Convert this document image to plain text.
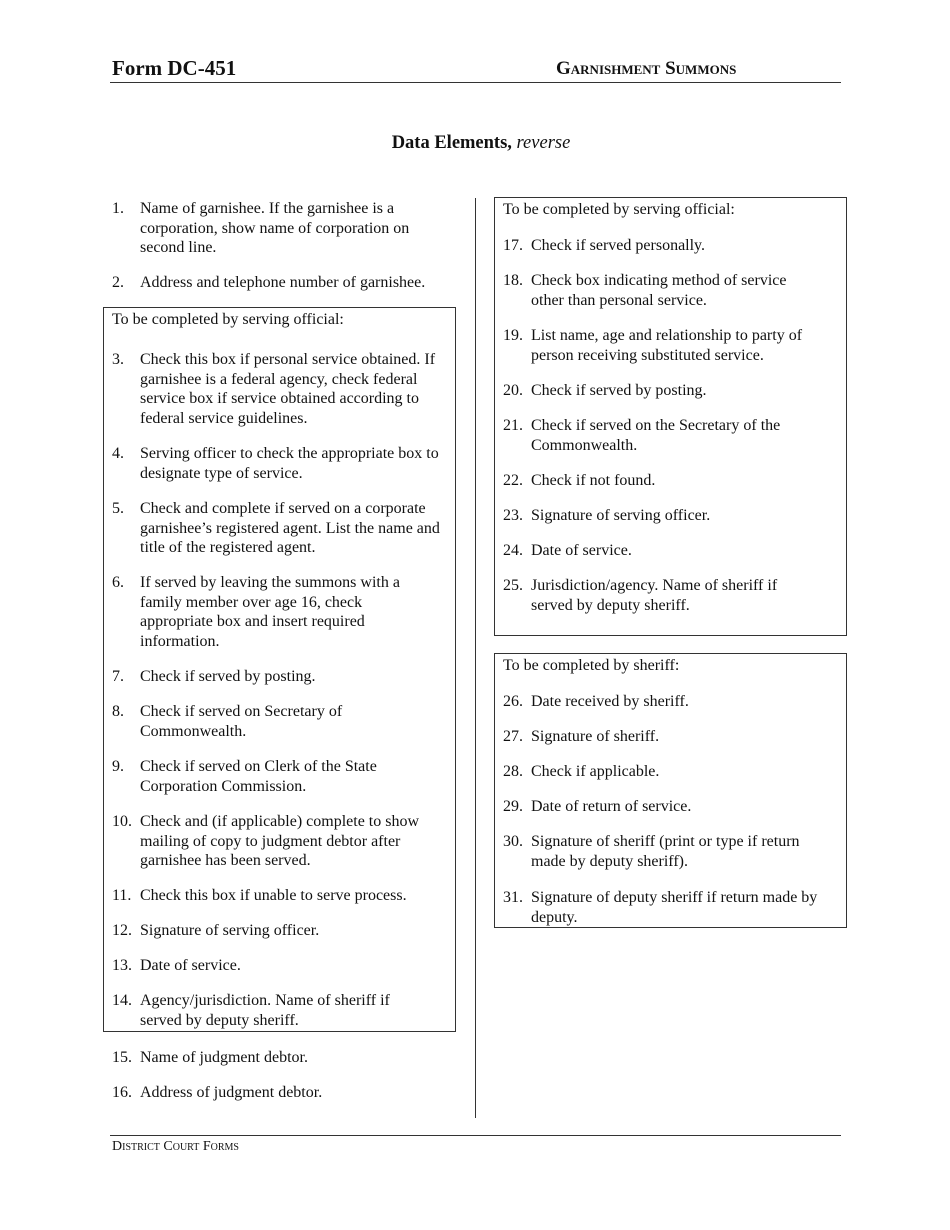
Form DC-451	Garnishment Summons
Data Elements, reverse
1. Name of garnishee. If the garnishee is a corporation, show name of corporation on second line.
2. Address and telephone number of garnishee.
To be completed by serving official:
3. Check this box if personal service obtained. If garnishee is a federal agency, check federal service box if service obtained according to federal service guidelines.
4. Serving officer to check the appropriate box to designate type of service.
5. Check and complete if served on a corporate garnishee’s registered agent. List the name and title of the registered agent.
6. If served by leaving the summons with a family member over age 16, check appropriate box and insert required information.
7. Check if served by posting.
8. Check if served on Secretary of Commonwealth.
9. Check if served on Clerk of the State Corporation Commission.
10. Check and (if applicable) complete to show mailing of copy to judgment debtor after garnishee has been served.
11. Check this box if unable to serve process.
12. Signature of serving officer.
13. Date of service.
14. Agency/jurisdiction. Name of sheriff if served by deputy sheriff.
15. Name of judgment debtor.
16. Address of judgment debtor.
To be completed by serving official:
17. Check if served personally.
18. Check box indicating method of service other than personal service.
19. List name, age and relationship to party of person receiving substituted service.
20. Check if served by posting.
21. Check if served on the Secretary of the Commonwealth.
22. Check if not found.
23. Signature of serving officer.
24. Date of service.
25. Jurisdiction/agency. Name of sheriff if served by deputy sheriff.
To be completed by sheriff:
26. Date received by sheriff.
27. Signature of sheriff.
28. Check if applicable.
29. Date of return of service.
30. Signature of sheriff (print or type if return made by deputy sheriff).
31. Signature of deputy sheriff if return made by deputy.
District Court Forms
